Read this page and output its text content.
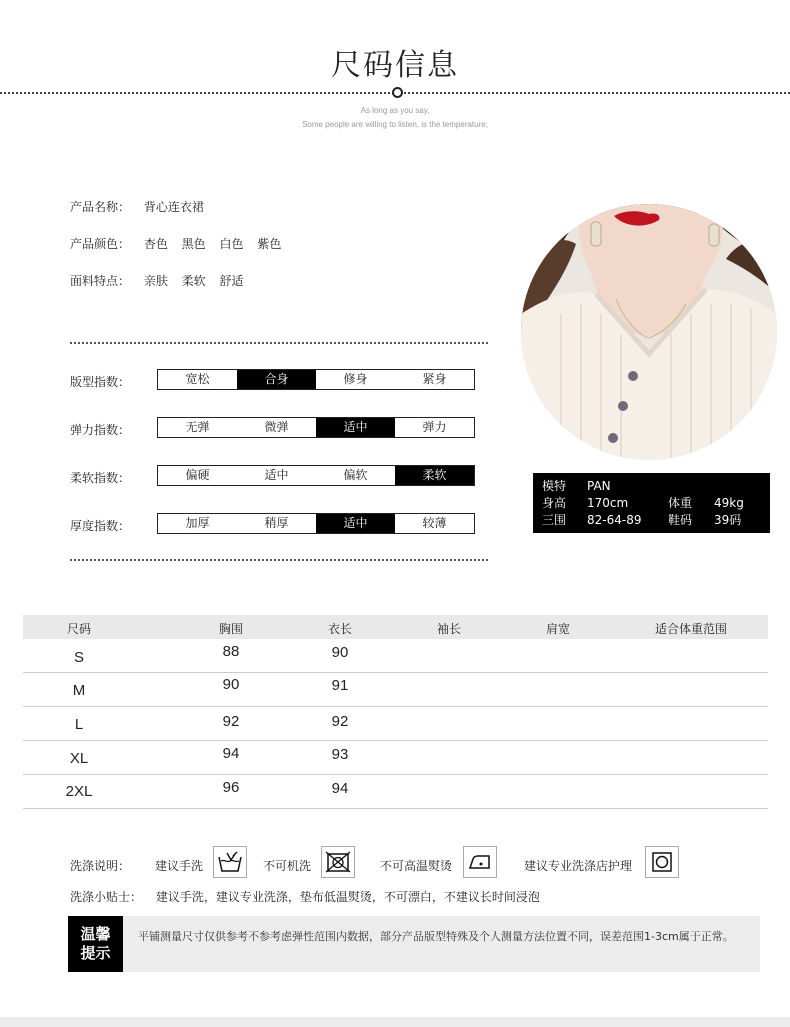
尺码信息
As long as you say,
Some people are willing to listen, is the temperature;
产品名称： 背心连衣裙
产品颜色： 杏色 黑色 白色 紫色
面料特点： 亲肤 柔软 舒适
版型指数：	宽松	合身	修身	紧身
弹力指数：	无弹	微弹	适中	弹力
柔软指数：	偏硬	适中	偏软	柔软
厚度指数：	加厚	稍厚	适中	较薄
模特	PAN
身高	170cm	体重	49kg
三围	82-64-89	鞋码	39码
尺码	胸围	衣长	袖长	肩宽	适合体重范围
S	88	90
M	90	91
L	92	92
XL	94	93
2XL	96	94
洗涤说明： 建议手洗	不可机洗	不可高温熨烫	建议专业洗涤店护理
洗涤小贴士： 建议手洗，建议专业洗涤，垫布低温熨烫，不可漂白，不建议长时间浸泡
温馨
提示
平铺测量尺寸仅供参考不参考虑弹性范围内数据，部分产品版型特殊及个人测量方法位置不同，误差范围1-3cm属于正常。
